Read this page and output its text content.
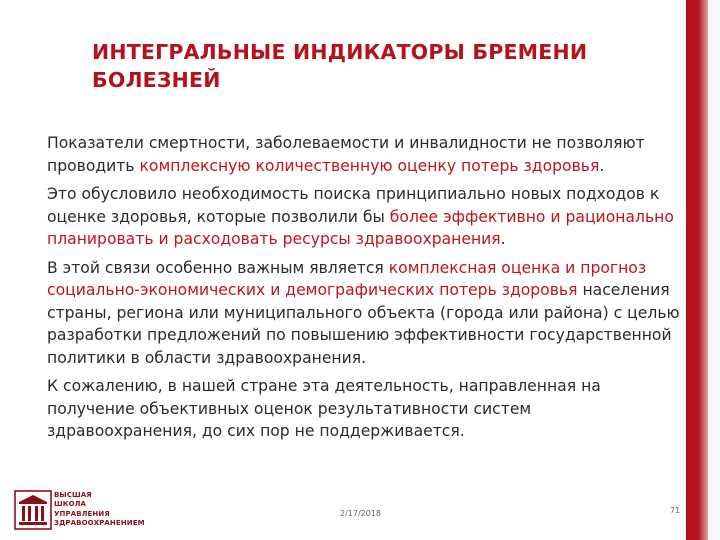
ИНТЕГРАЛЬНЫЕ ИНДИКАТОРЫ БРЕМЕНИ БОЛЕЗНЕЙ

Показатели смертности, заболеваемости и инвалидности не позволяют проводить комплексную количественную оценку потерь здоровья.

Это обусловило необходимость поиска принципиально новых подходов к оценке здоровья, которые позволили бы более эффективно и рационально планировать и расходовать ресурсы здравоохранения.

В этой связи особенно важным является комплексная оценка и прогноз социально-экономических и демографических потерь здоровья населения страны, региона или муниципального объекта (города или района) с целью разработки предложений по повышению эффективности государственной политики в области здравоохранения.

К сожалению, в нашей стране эта деятельность, направленная на получение объективных оценок результативности систем здравоохранения, до сих пор не поддерживается.

ВЫСШАЯ
ШКОЛА
УПРАВЛЕНИЯ
ЗДРАВООХРАНЕНИЕМ
2/17/2018	71
